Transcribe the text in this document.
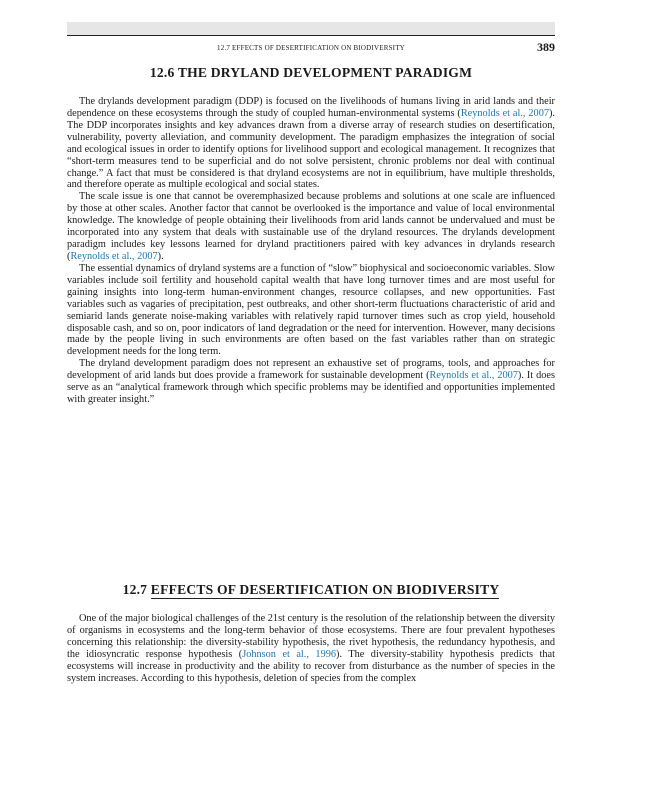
12.7 EFFECTS OF DESERTIFICATION ON BIODIVERSITY	389
12.6 THE DRYLAND DEVELOPMENT PARADIGM

The drylands development paradigm (DDP) is focused on the livelihoods of humans living in arid lands and their dependence on these ecosystems through the study of coupled human-environmental systems (Reynolds et al., 2007). The DDP incorporates insights and key advances drawn from a diverse array of research studies on desertification, vulnerability, poverty alleviation, and community development. The paradigm emphasizes the integration of social and ecological issues in order to identify options for livelihood support and ecological management. It recognizes that “short-term measures tend to be superficial and do not solve persistent, chronic problems nor deal with continual change.” A fact that must be considered is that dryland ecosystems are not in equilibrium, have multiple thresholds, and therefore operate as multiple ecological and social states.

The scale issue is one that cannot be overemphasized because problems and solutions at one scale are influenced by those at other scales. Another factor that cannot be overlooked is the importance and value of local environmental knowledge. The knowledge of people obtaining their livelihoods from arid lands cannot be undervalued and must be incorporated into any system that deals with sustainable use of the dryland resources. The drylands development paradigm includes key lessons learned for dryland practitioners paired with key advances in drylands research (Reynolds et al., 2007).

The essential dynamics of dryland systems are a function of “slow” biophysical and socioeconomic variables. Slow variables include soil fertility and household capital wealth that have long turnover times and are most useful for gaining insights into long-term human-environment changes, resource collapses, and new opportunities. Fast variables such as vagaries of precipitation, pest outbreaks, and other short-term fluctuations characteristic of arid and semiarid lands generate noise-making variables with relatively rapid turnover times such as crop yield, household disposable cash, and so on, poor indicators of land degradation or the need for intervention. However, many decisions made by the people living in such environments are often based on the fast variables rather than on strategic development needs for the long term.

The dryland development paradigm does not represent an exhaustive set of programs, tools, and approaches for development of arid lands but does provide a framework for sustainable development (Reynolds et al., 2007). It does serve as an “analytical framework through which specific problems may be identified and opportunities implemented with greater insight.”

12.7 EFFECTS OF DESERTIFICATION ON BIODIVERSITY

One of the major biological challenges of the 21st century is the resolution of the relationship between the diversity of organisms in ecosystems and the long-term behavior of those ecosystems. There are four prevalent hypotheses concerning this relationship: the diversity-stability hypothesis, the rivet hypothesis, the redundancy hypothesis, and the idiosyncratic response hypothesis (Johnson et al., 1996). The diversity-stability hypothesis predicts that ecosystems will increase in productivity and the ability to recover from disturbance as the number of species in the system increases. According to this hypothesis, deletion of species from the complex
